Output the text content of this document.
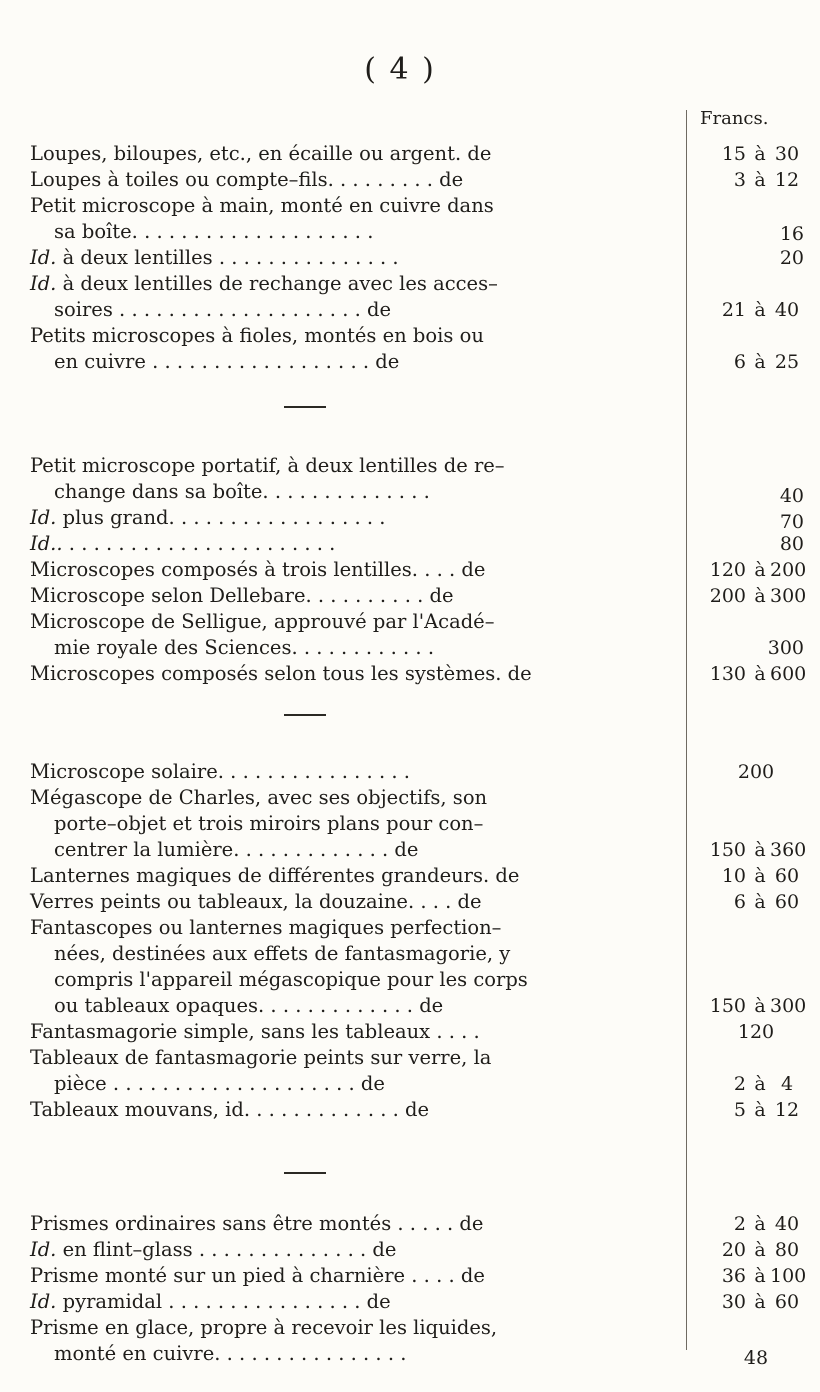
( 4 )
Francs.
Loupes, biloupes, etc., en écaille ou argent. de
Loupes à toiles ou compte–fils. . . . . . . . . de
Petit microscope à main, monté en cuivre dans
sa boîte. . . . . . . . . . . . . . . . . . . .
Id. à deux lentilles . . . . . . . . . . . . . . .
Id. à deux lentilles de rechange avec les acces–
soires . . . . . . . . . . . . . . . . . . . . de
Petits microscopes à fioles, montés en bois ou
en cuivre . . . . . . . . . . . . . . . . . . de
15 à 30
3 à 12
16
20
21 à 40
6 à 25
Petit microscope portatif, à deux lentilles de re–
change dans sa boîte. . . . . . . . . . . . . .
Id. plus grand. . . . . . . . . . . . . . . . . .
Id.. . . . . . . . . . . . . . . . . . . . . . .
Microscopes composés à trois lentilles. . . . de
Microscope selon Dellebare. . . . . . . . . . de
Microscope de Selligue, approuvé par l'Acadé–
mie royale des Sciences. . . . . . . . . . . .
Microscopes composés selon tous les systèmes. de
40
70
80
120 à 200
200 à 300
300
130 à 600
Microscope solaire. . . . . . . . . . . . . . . .
Mégascope de Charles, avec ses objectifs, son
porte–objet et trois miroirs plans pour con–
centrer la lumière. . . . . . . . . . . . . de
Lanternes magiques de différentes grandeurs. de
Verres peints ou tableaux, la douzaine. . . . de
Fantascopes ou lanternes magiques perfection–
nées, destinées aux effets de fantasmagorie, y
compris l'appareil mégascopique pour les corps
ou tableaux opaques. . . . . . . . . . . . . de
Fantasmagorie simple, sans les tableaux . . . .
Tableaux de fantasmagorie peints sur verre, la
pièce . . . . . . . . . . . . . . . . . . . . de
Tableaux mouvans, id. . . . . . . . . . . . . de
200
150 à 360
10 à 60
6 à 60
150 à 300
120
2 à 4
5 à 12
Prismes ordinaires sans être montés . . . . . de
Id. en flint–glass . . . . . . . . . . . . . . de
Prisme monté sur un pied à charnière . . . . de
Id. pyramidal . . . . . . . . . . . . . . . . de
Prisme en glace, propre à recevoir les liquides,
monté en cuivre. . . . . . . . . . . . . . . .
2 à 40
20 à 80
36 à 100
30 à 60
48
